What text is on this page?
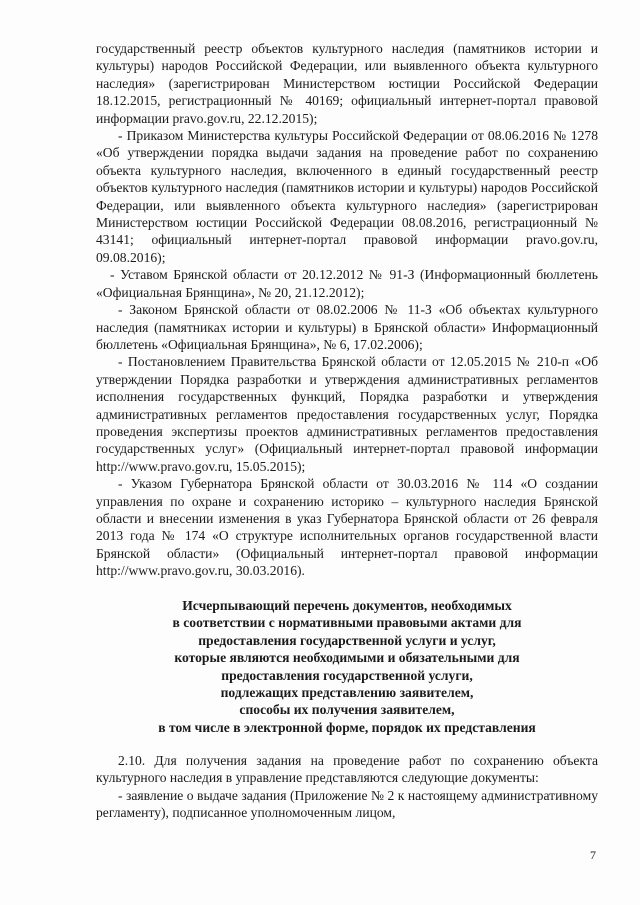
государственный реестр объектов культурного наследия (памятников истории и культуры) народов Российской Федерации, или выявленного объекта культурного наследия» (зарегистрирован Министерством юстиции Российской Федерации 18.12.2015, регистрационный № 40169; официальный интернет-портал правовой информации pravo.gov.ru, 22.12.2015);

- Приказом Министерства культуры Российской Федерации от 08.06.2016 № 1278 «Об утверждении порядка выдачи задания на проведение работ по сохранению объекта культурного наследия, включенного в единый государственный реестр объектов культурного наследия (памятников истории и культуры) народов Российской Федерации, или выявленного объекта культурного наследия» (зарегистрирован Министерством юстиции Российской Федерации 08.08.2016, регистрационный № 43141; официальный интернет-портал правовой информации pravo.gov.ru, 09.08.2016);

- Уставом Брянской области от 20.12.2012 № 91-З (Информационный бюллетень «Официальная Брянщина», № 20, 21.12.2012);

- Законом Брянской области от 08.02.2006 № 11-З «Об объектах культурного наследия (памятниках истории и культуры) в Брянской области» Информационный бюллетень «Официальная Брянщина», № 6, 17.02.2006);

- Постановлением Правительства Брянской области от 12.05.2015 № 210-п «Об утверждении Порядка разработки и утверждения административных регламентов исполнения государственных функций, Порядка разработки и утверждения административных регламентов предоставления государственных услуг, Порядка проведения экспертизы проектов административных регламентов предоставления государственных услуг» (Официальный интернет-портал правовой информации http://www.pravo.gov.ru, 15.05.2015);

- Указом Губернатора Брянской области от 30.03.2016 № 114 «О создании управления по охране и сохранению историко – культурного наследия Брянской области и внесении изменения в указ Губернатора Брянской области от 26 февраля 2013 года № 174 «О структуре исполнительных органов государственной власти Брянской области» (Официальный интернет-портал правовой информации http://www.pravo.gov.ru, 30.03.2016).

Исчерпывающий перечень документов, необходимых
в соответствии с нормативными правовыми актами для
предоставления государственной услуги и услуг,
которые являются необходимыми и обязательными для
предоставления государственной услуги,
подлежащих представлению заявителем,
способы их получения заявителем,
в том числе в электронной форме, порядок их представления

2.10. Для получения задания на проведение работ по сохранению объекта культурного наследия в управление представляются следующие документы:

- заявление о выдаче задания (Приложение № 2 к настоящему административному регламенту), подписанное уполномоченным лицом,

7
